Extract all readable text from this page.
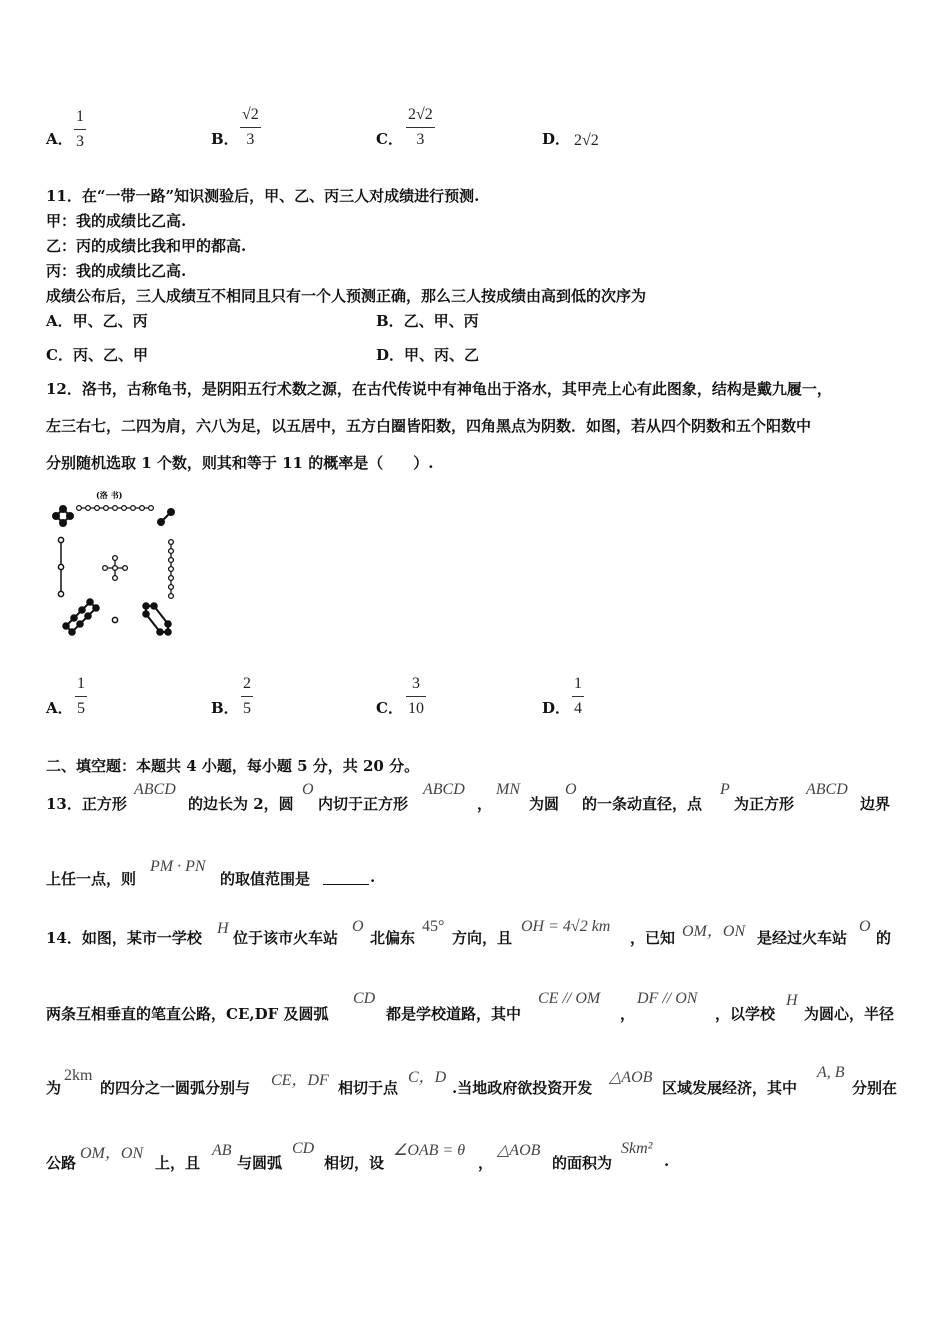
A．
1
3	B．
√2
3	C．
2√2
3	D． 2√2
11．在“一带一路”知识测验后，甲、乙、丙三人对成绩进行预测.
甲：我的成绩比乙高.
乙：丙的成绩比我和甲的都高.
丙：我的成绩比乙高.
成绩公布后，三人成绩互不相同且只有一个人预测正确，那么三人按成绩由高到低的次序为
A．甲、乙、丙	B．乙、甲、丙
C．丙、乙、甲	D．甲、丙、乙
12．洛书，古称龟书，是阴阳五行术数之源，在古代传说中有神龟出于洛水，其甲壳上心有此图象，结构是戴九履一，
左三右七，二四为肩，六八为足，以五居中，五方白圈皆阳数，四角黑点为阴数．如图，若从四个阴数和五个阳数中
分别随机选取 1 个数，则其和等于 11 的概率是（　　）.
(洛 书)
A．
1
5	B．
2
5	C．
3
10	D．
1
4
二、填空题：本题共 4 小题，每小题 5 分，共 20 分。
13．正方形
ABCD
的边长为 2，圆
O
内切于正方形
ABCD
，
MN
为圆
O
的一条动直径，点
P
为正方形
ABCD
边界
上任一点，则
PM · PN
的取值范围是	.
14．如图，某市一学校
H
位于该市火车站
O
北偏东
45°
方向，且
OH = 4√2 km
，已知 OM，ON 是经过火车站
O
的
两条互相垂直的笔直公路，CE,DF 及圆弧
CD
都是学校道路，其中
CE // OM
，
DF // ON
，以学校
H
为圆心，半径
为
2km
的四分之一圆弧分别与 CE，DF 相切于点
C，D
.当地政府欲投资开发
△AOB
区域发展经济，其中
A, B
分别在
公路
OM，ON
上，且
AB
与圆弧
CD
相切，设
∠OAB = θ
，
△AOB
的面积为
Skm²
.
